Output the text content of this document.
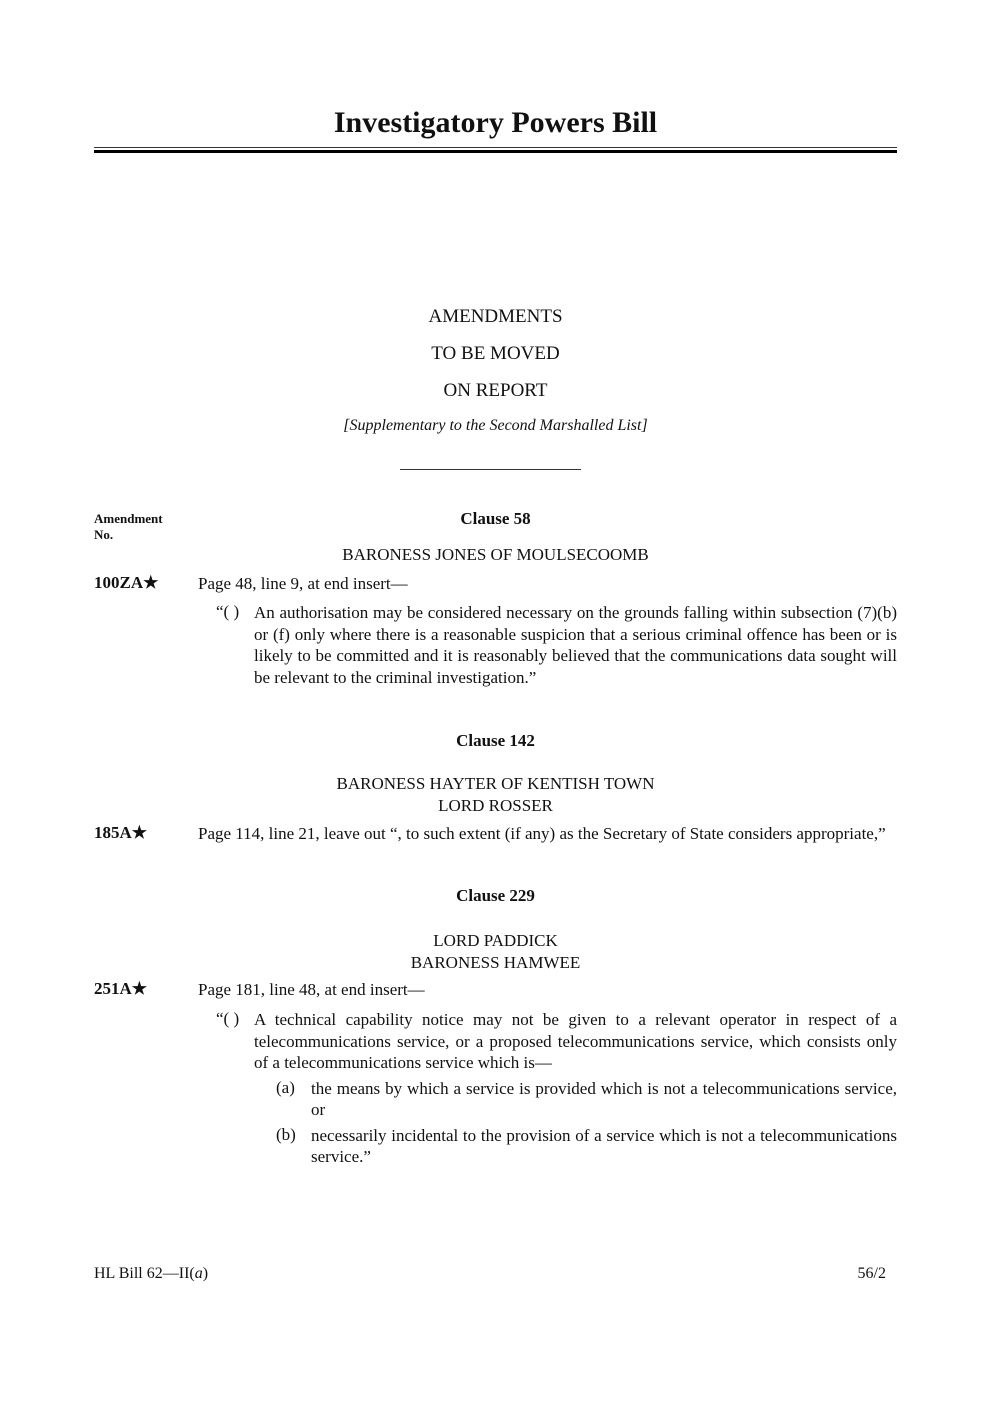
Investigatory Powers Bill
AMENDMENTS
TO BE MOVED
ON REPORT
[Supplementary to the Second Marshalled List]
Amendment
No.
Clause 58
BARONESS JONES OF MOULSECOOMB
100ZA★ Page 48, line 9, at end insert—
“( ) An authorisation may be considered necessary on the grounds falling within subsection (7)(b) or (f) only where there is a reasonable suspicion that a serious criminal offence has been or is likely to be committed and it is reasonably believed that the communications data sought will be relevant to the criminal investigation.”
Clause 142
BARONESS HAYTER OF KENTISH TOWN
LORD ROSSER
185A★	Page 114, line 21, leave out “, to such extent (if any) as the Secretary of State considers appropriate,”
Clause 229
LORD PADDICK
BARONESS HAMWEE
251A★	Page 181, line 48, at end insert—
“( ) A technical capability notice may not be given to a relevant operator in respect of a telecommunications service, or a proposed telecommunications service, which consists only of a telecommunications service which is—
(a) the means by which a service is provided which is not a telecommunications service, or
(b) necessarily incidental to the provision of a service which is not a telecommunications service.”
HL Bill 62—II(a)	56/2
